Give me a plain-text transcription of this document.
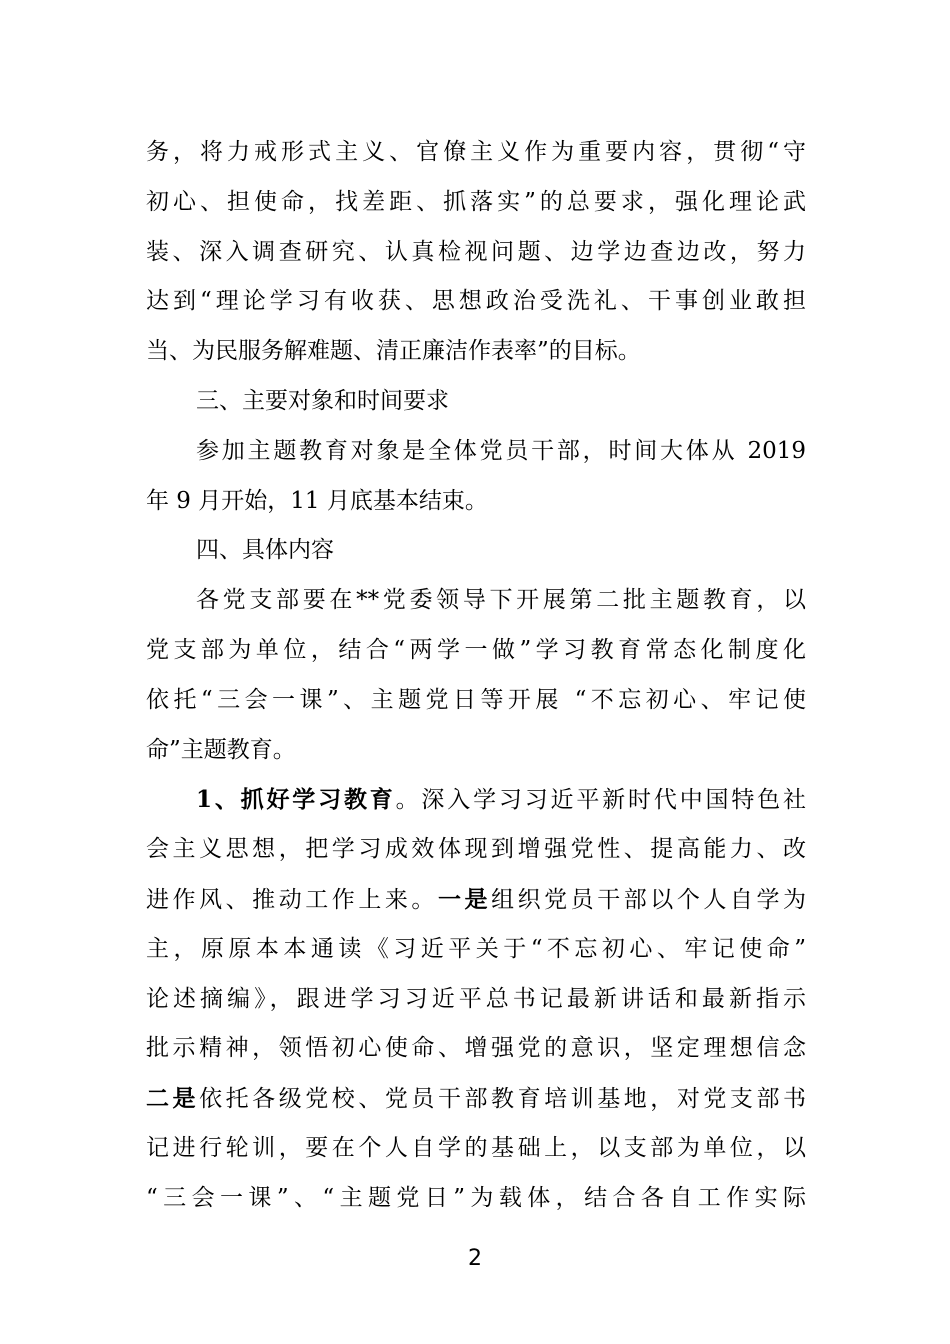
务，将力戒形式主义、官僚主义作为重要内容，贯彻“守
初心、担使命，找差距、抓落实”的总要求，强化理论武
装、深入调查研究、认真检视问题、边学边查边改，努力
达到“理论学习有收获、思想政治受洗礼、干事创业敢担
当、为民服务解难题、清正廉洁作表率”的目标。
三、主要对象和时间要求
参加主题教育对象是全体党员干部，时间大体从 2019
年 9 月开始，11 月底基本结束。
四、具体内容
各党支部要在**党委领导下开展第二批主题教育，以
党支部为单位，结合“两学一做”学习教育常态化制度化
依托“三会一课”、主题党日等开展 “不忘初心、牢记使
命”主题教育。
1、抓好学习教育。深入学习习近平新时代中国特色社
会主义思想，把学习成效体现到增强党性、提高能力、改
进作风、推动工作上来。一是组织党员干部以个人自学为
主，原原本本通读《习近平关于“不忘初心、牢记使命”
论述摘编》，跟进学习习近平总书记最新讲话和最新指示
批示精神，领悟初心使命、增强党的意识，坚定理想信念
二是依托各级党校、党员干部教育培训基地，对党支部书
记进行轮训，要在个人自学的基础上，以支部为单位，以
“三会一课”、“主题党日”为载体，结合各自工作实际
2
